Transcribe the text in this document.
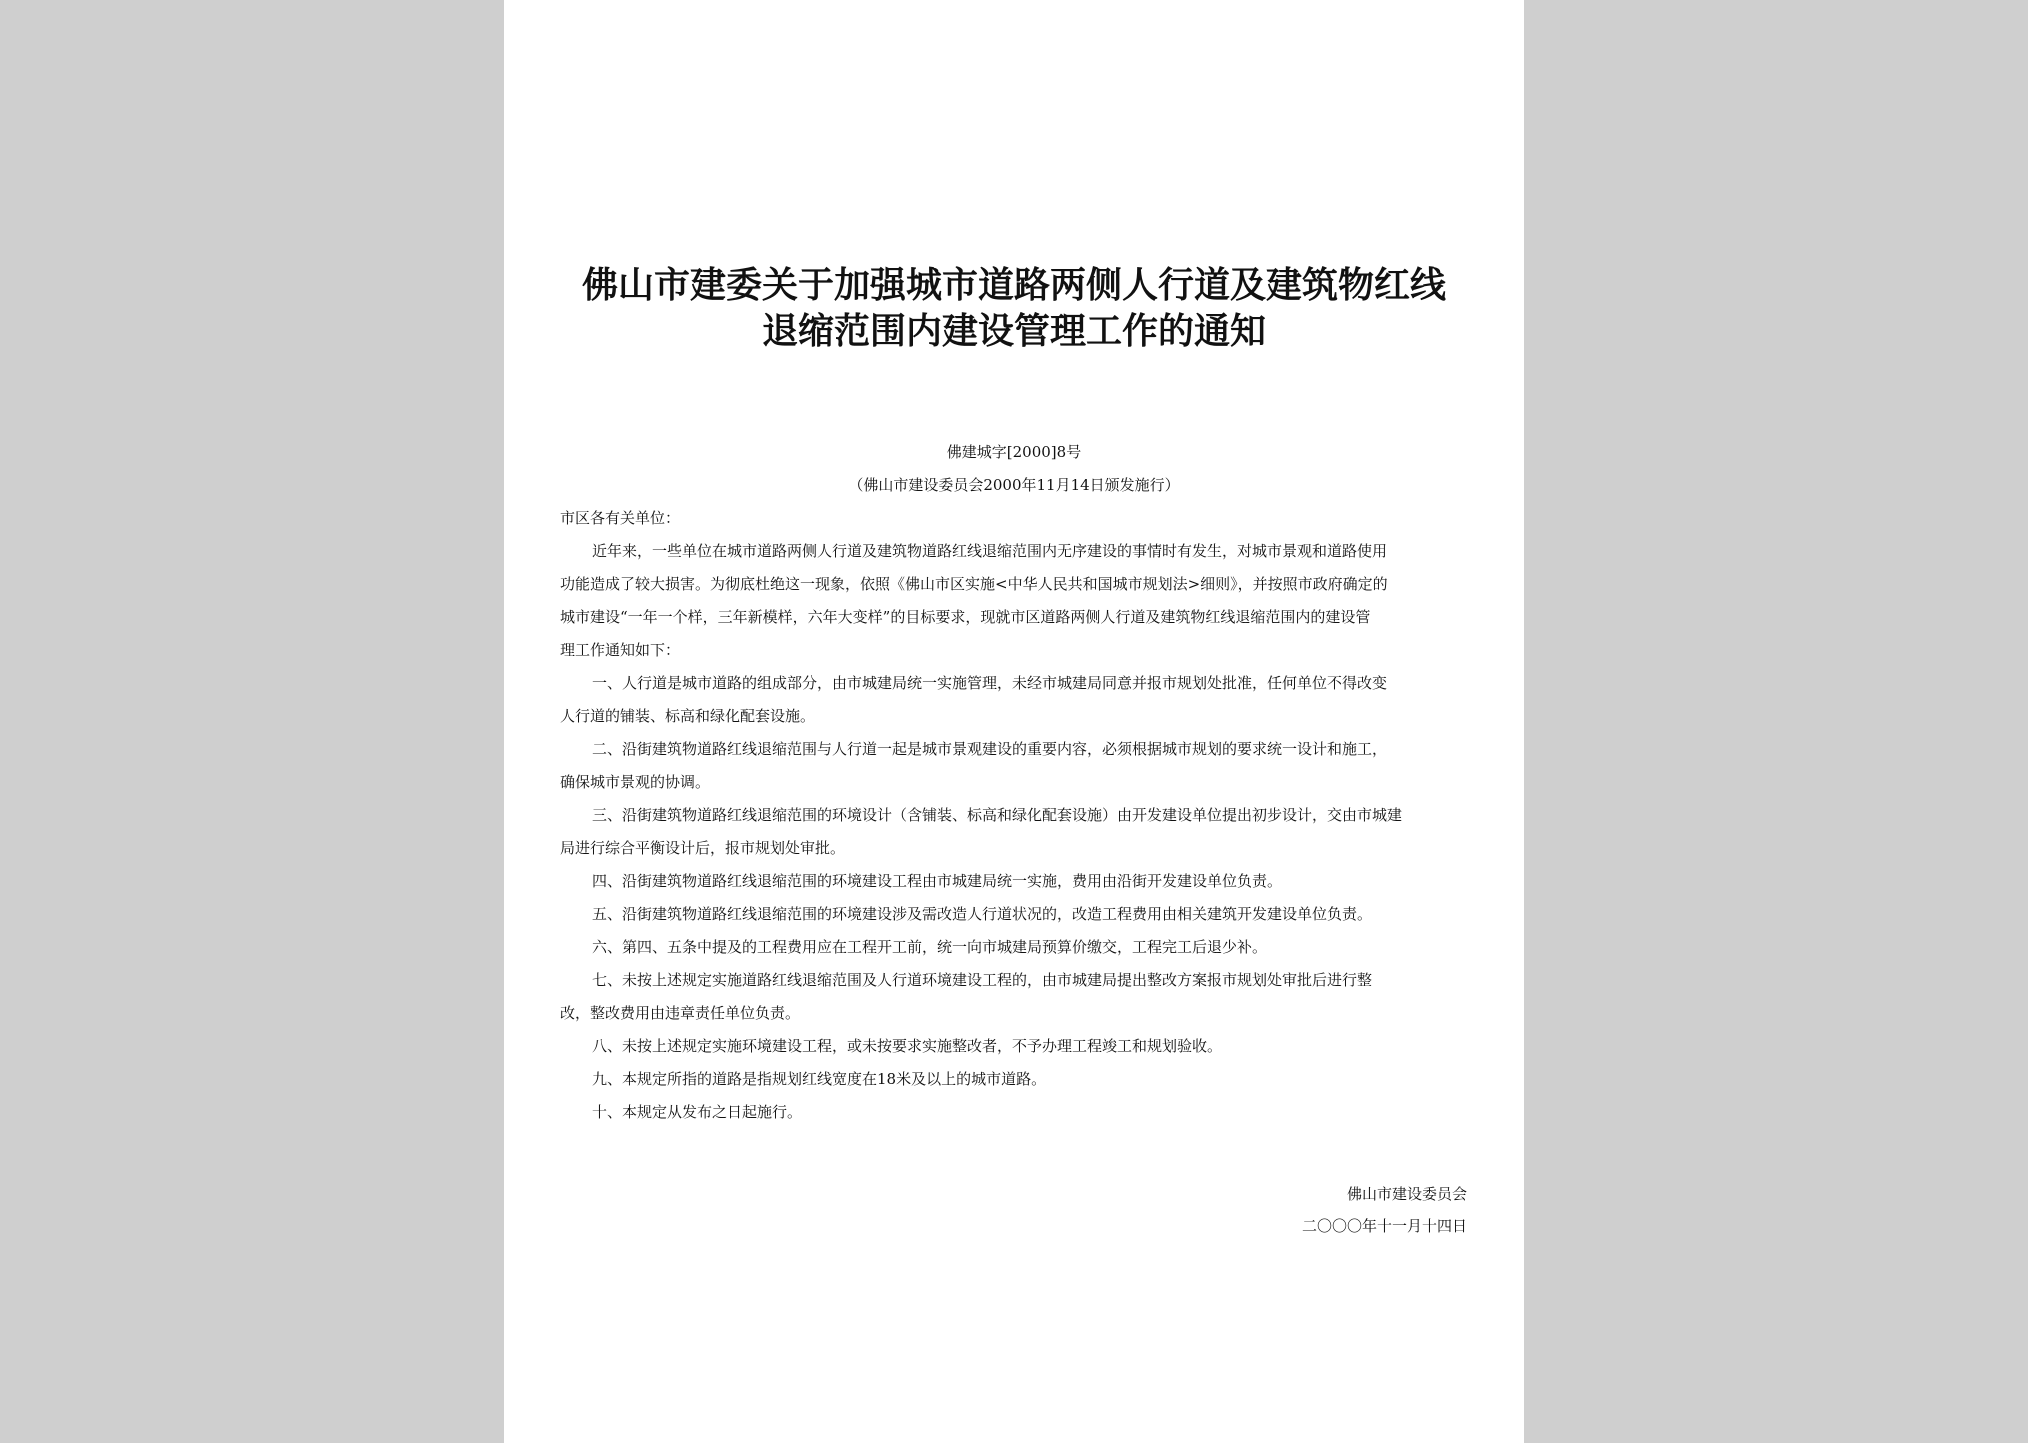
佛山市建委关于加强城市道路两侧人行道及建筑物红线
退缩范围内建设管理工作的通知
佛建城字[2000]8号
（佛山市建设委员会2000年11月14日颁发施行）
市区各有关单位：
近年来，一些单位在城市道路两侧人行道及建筑物道路红线退缩范围内无序建设的事情时有发生，对城市景观和道路使用
功能造成了较大损害。为彻底杜绝这一现象，依照《佛山市区实施<中华人民共和国城市规划法>细则》，并按照市政府确定的
城市建设“一年一个样，三年新模样，六年大变样”的目标要求，现就市区道路两侧人行道及建筑物红线退缩范围内的建设管
理工作通知如下：
一、人行道是城市道路的组成部分，由市城建局统一实施管理，未经市城建局同意并报市规划处批准，任何单位不得改变
人行道的铺装、标高和绿化配套设施。
二、沿街建筑物道路红线退缩范围与人行道一起是城市景观建设的重要内容，必须根据城市规划的要求统一设计和施工，
确保城市景观的协调。
三、沿街建筑物道路红线退缩范围的环境设计（含铺装、标高和绿化配套设施）由开发建设单位提出初步设计，交由市城建
局进行综合平衡设计后，报市规划处审批。
四、沿街建筑物道路红线退缩范围的环境建设工程由市城建局统一实施，费用由沿街开发建设单位负责。
五、沿街建筑物道路红线退缩范围的环境建设涉及需改造人行道状况的，改造工程费用由相关建筑开发建设单位负责。
六、第四、五条中提及的工程费用应在工程开工前，统一向市城建局预算价缴交，工程完工后退少补。
七、未按上述规定实施道路红线退缩范围及人行道环境建设工程的，由市城建局提出整改方案报市规划处审批后进行整
改，整改费用由违章责任单位负责。
八、未按上述规定实施环境建设工程，或未按要求实施整改者，不予办理工程竣工和规划验收。
九、本规定所指的道路是指规划红线宽度在18米及以上的城市道路。
十、本规定从发布之日起施行。
佛山市建设委员会
二〇〇〇年十一月十四日
